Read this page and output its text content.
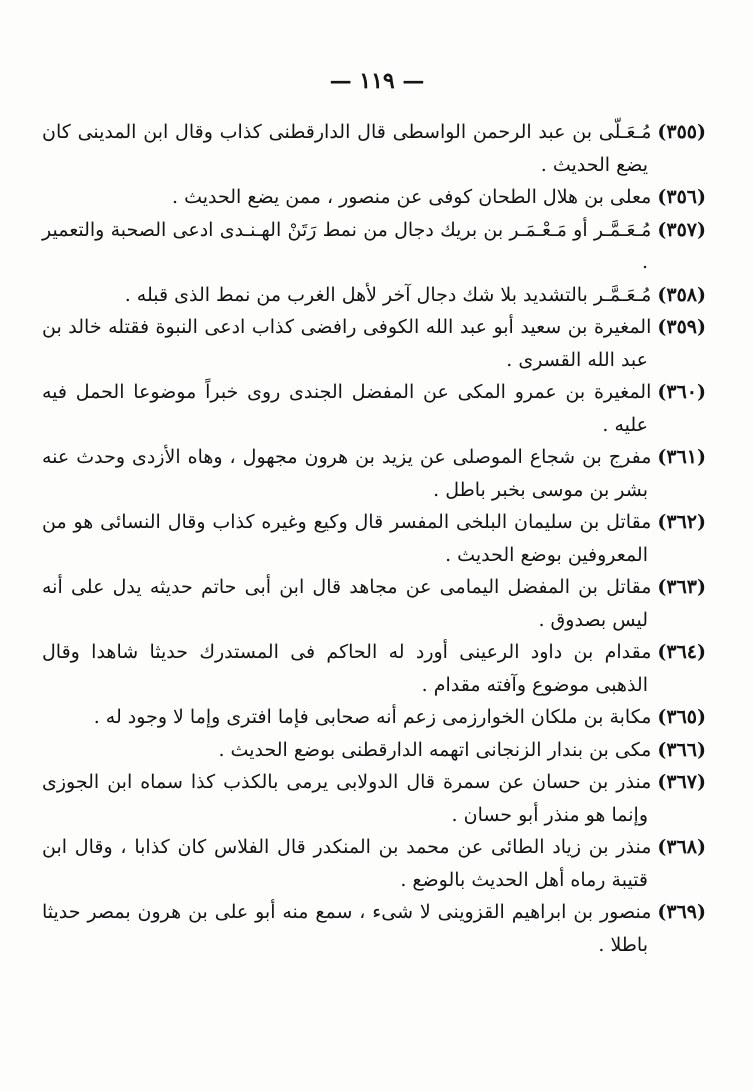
— ١١٩ —
(٣٥٥)مُـعَـلّى بن عبد الرحمن الواسطى قال الدارقطنى كذاب وقال ابن المدينى كان يضع الحديث .
(٣٥٦)معلى بن هلال الطحان كوفى عن منصور ، ممن يضع الحديث .
(٣٥٧)مُـعَـمَّـر أو مَـعْـمَـر بن بريك دجال من نمط رَتَنْ الهـنـدى ادعى الصحبة والتعمير .
(٣٥٨)مُـعَـمَّـر بالتشديد بلا شك دجال آخر لأهل الغرب من نمط الذى قبله .
(٣٥٩)المغيرة بن سعيد أبو عبد الله الكوفى رافضى كذاب ادعى النبوة فقتله خالد بن عبد الله القسرى .
(٣٦٠)المغيرة بن عمرو المكى عن المفضل الجندى روى خبراً موضوعا الحمل فيه عليه .
(٣٦١)مفرج بن شجاع الموصلى عن يزيد بن هرون مجهول ، وهاه الأزدى وحدث عنه بشر بن موسى بخبر باطل .
(٣٦٢)مقاتل بن سليمان البلخى المفسر قال وكيع وغيره كذاب وقال النسائى هو من المعروفين بوضع الحديث .
(٣٦٣)مقاتل بن المفضل اليمامى عن مجاهد قال ابن أبى حاتم حديثه يدل على أنه ليس بصدوق .
(٣٦٤)مقدام بن داود الرعينى أورد له الحاكم فى المستدرك حديثا شاهدا وقال الذهبى موضوع وآفته مقدام .
(٣٦٥)مكابة بن ملكان الخوارزمى زعم أنه صحابى فإما افترى وإما لا وجود له .
(٣٦٦)مكى بن بندار الزنجانى اتهمه الدارقطنى بوضع الحديث .
(٣٦٧)منذر بن حسان عن سمرة قال الدولابى يرمى بالكذب كذا سماه ابن الجوزى وإنما هو منذر أبو حسان .
(٣٦٨)منذر بن زياد الطائى عن محمد بن المنكدر قال الفلاس كان كذابا ، وقال ابن قتيبة رماه أهل الحديث بالوضع .
(٣٦٩)منصور بن ابراهيم القزوينى لا شىء ، سمع منه أبو على بن هرون بمصر حديثا باطلا .
